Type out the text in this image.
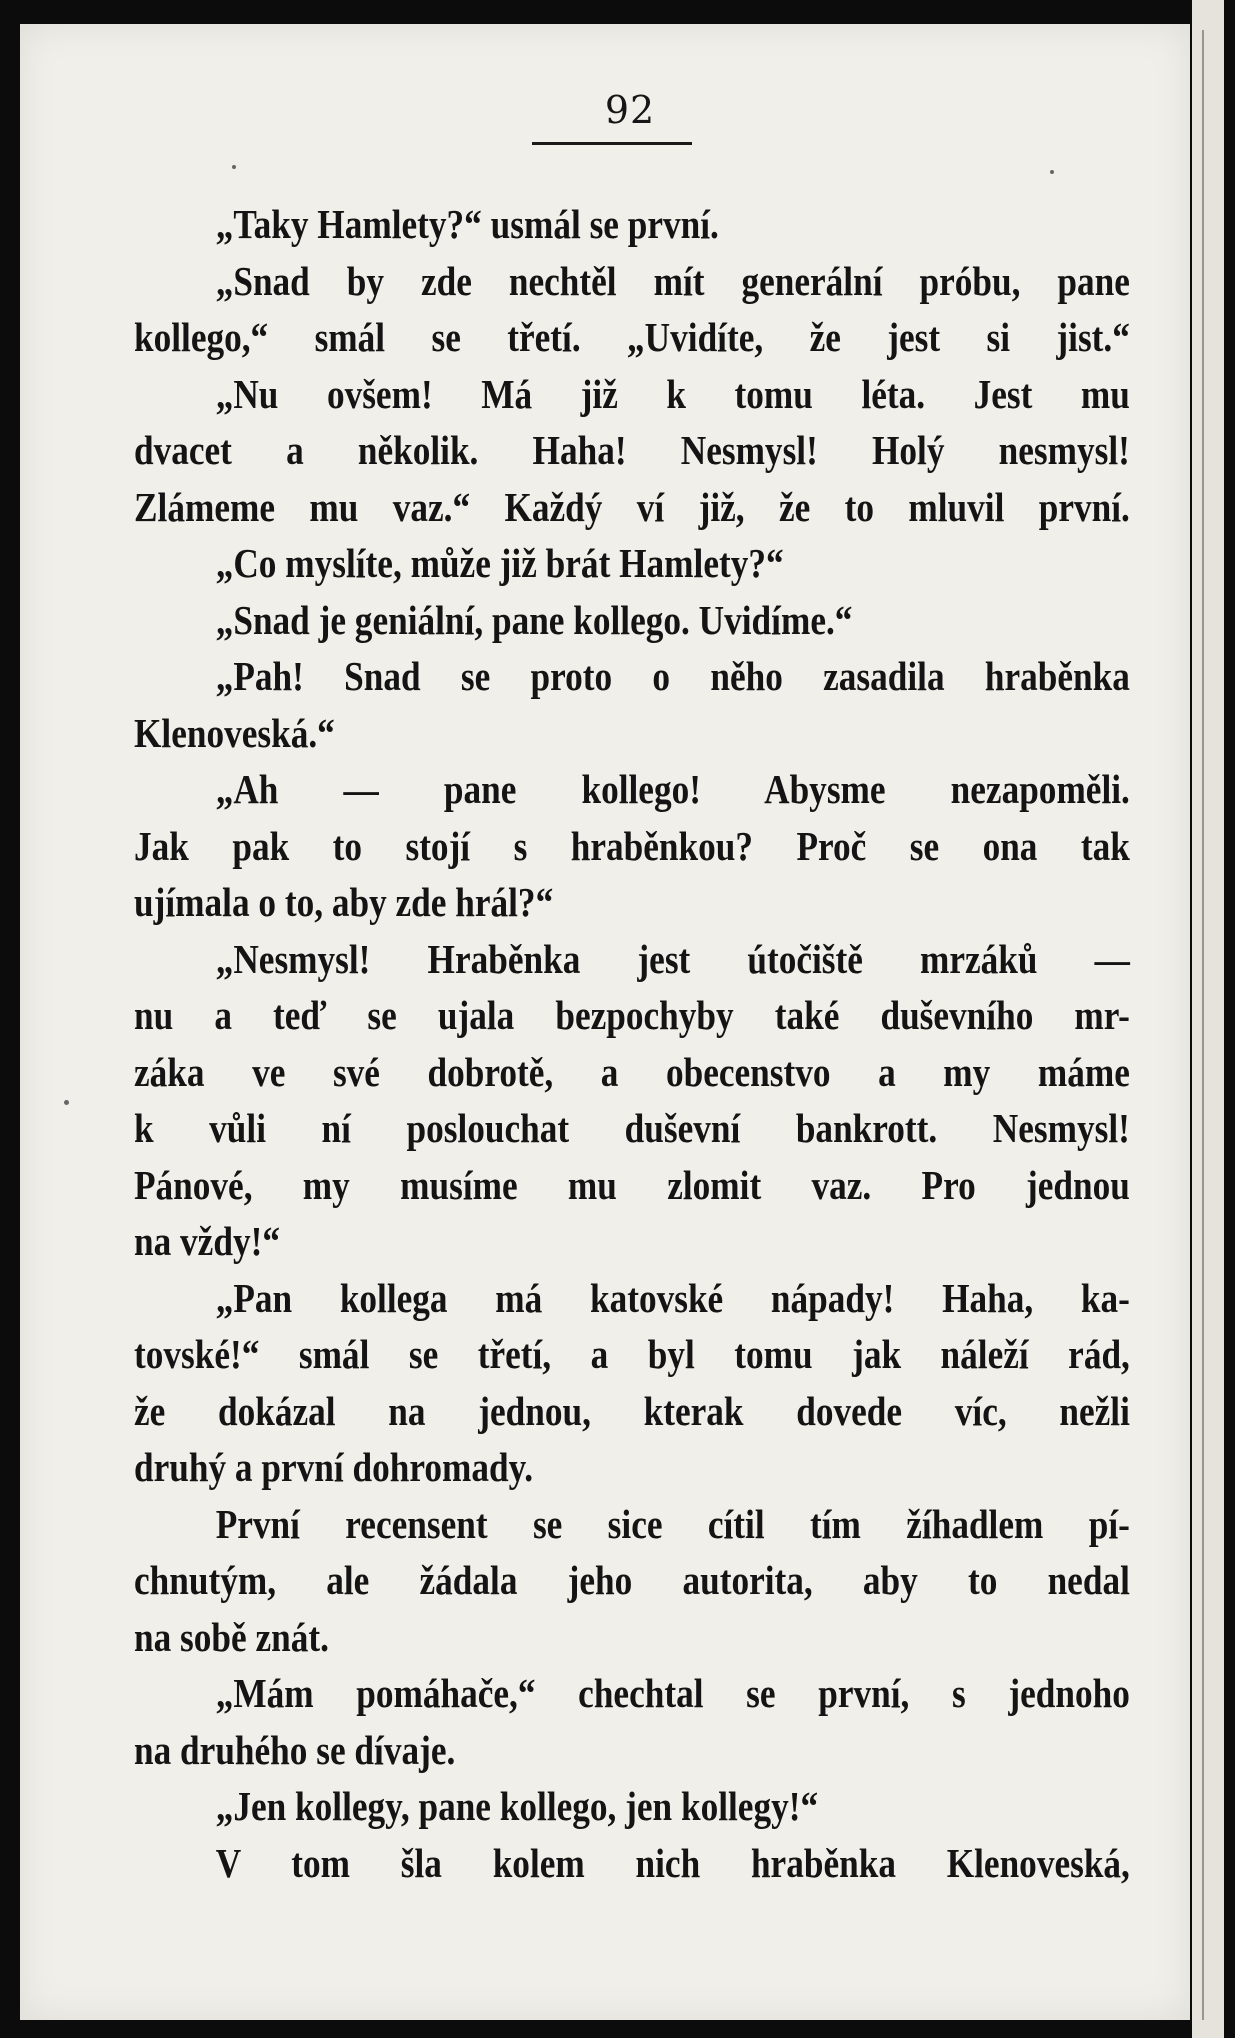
92
„Taky Hamlety?“ usmál se první.
„Snad by zde nechtěl mít generální próbu, pane
kollego,“ smál se třetí. „Uvidíte, že jest si jist.“
„Nu ovšem! Má již k tomu léta. Jest mu
dvacet a několik. Haha! Nesmysl! Holý nesmysl!
Zlámeme mu vaz.“ Každý ví již, že to mluvil první.
„Co myslíte, může již brát Hamlety?“
„Snad je geniální, pane kollego. Uvidíme.“
„Pah! Snad se proto o něho zasadila hraběnka
Klenoveská.“
„Ah — pane kollego! Abysme nezapoměli.
Jak pak to stojí s hraběnkou? Proč se ona tak
ujímala o to, aby zde hrál?“
„Nesmysl! Hraběnka jest útočiště mrzáků —
nu a teď se ujala bezpochyby také duševního mr-
záka ve své dobrotě, a obecenstvo a my máme
k vůli ní poslouchat duševní bankrott. Nesmysl!
Pánové, my musíme mu zlomit vaz. Pro jednou
na vždy!“
„Pan kollega má katovské nápady! Haha, ka-
tovské!“ smál se třetí, a byl tomu jak náleží rád,
že dokázal na jednou, kterak dovede víc, nežli
druhý a první dohromady.
První recensent se sice cítil tím žíhadlem pí-
chnutým, ale žádala jeho autorita, aby to nedal
na sobě znát.
„Mám pomáhače,“ chechtal se první, s jednoho
na druhého se dívaje.
„Jen kollegy, pane kollego, jen kollegy!“
V tom šla kolem nich hraběnka Klenoveská,
